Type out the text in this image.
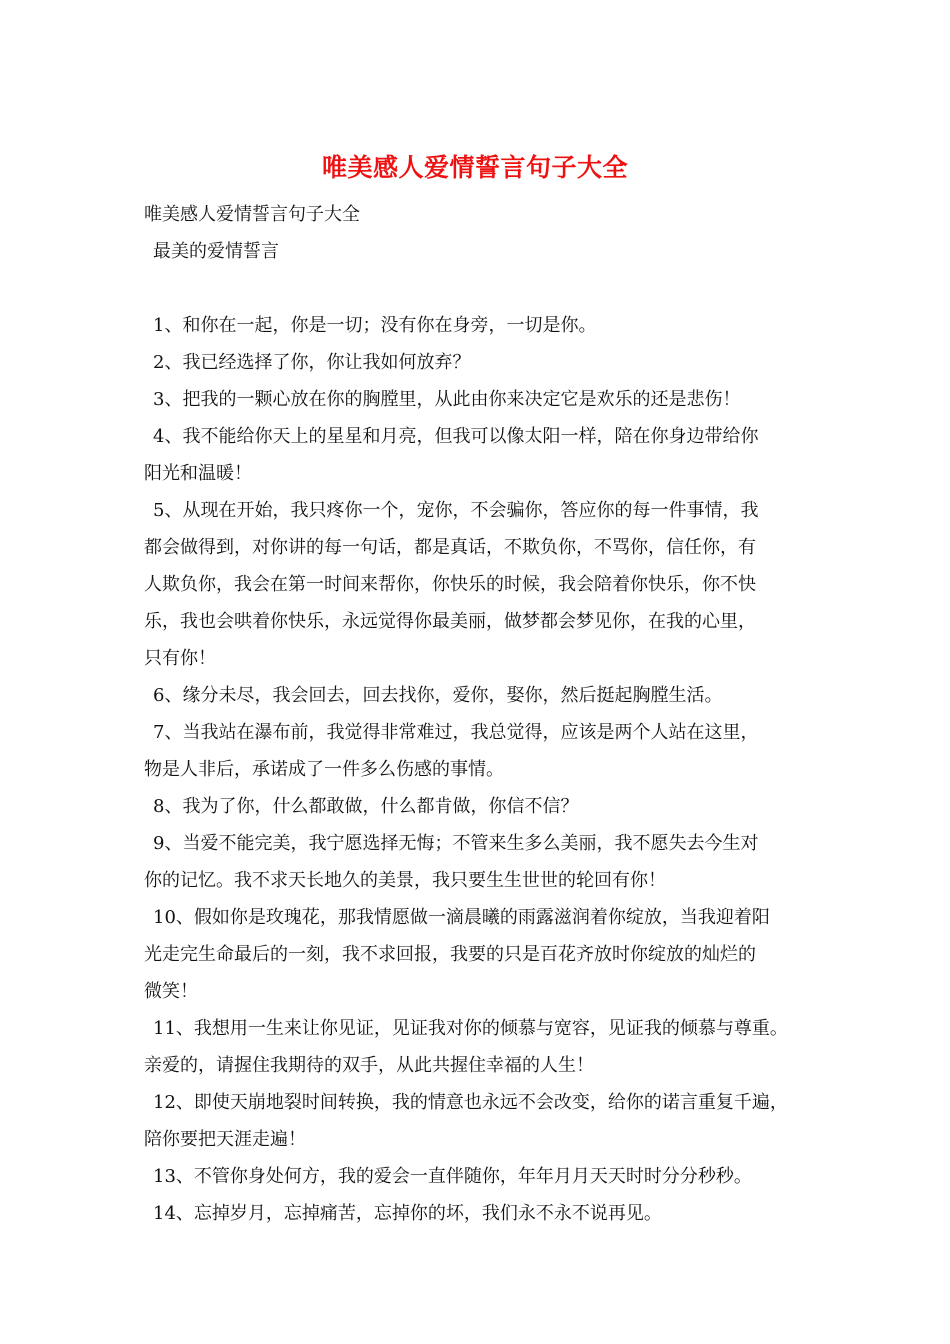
唯美感人爱情誓言句子大全
唯美感人爱情誓言句子大全
最美的爱情誓言
1、和你在一起，你是一切；没有你在身旁，一切是你。
2、我已经选择了你，你让我如何放弃？
3、把我的一颗心放在你的胸膛里，从此由你来决定它是欢乐的还是悲伤！
4、我不能给你天上的星星和月亮，但我可以像太阳一样，陪在你身边带给你
阳光和温暖！
5、从现在开始，我只疼你一个，宠你，不会骗你，答应你的每一件事情，我
都会做得到，对你讲的每一句话，都是真话，不欺负你，不骂你，信任你，有
人欺负你，我会在第一时间来帮你，你快乐的时候，我会陪着你快乐，你不快
乐，我也会哄着你快乐，永远觉得你最美丽，做梦都会梦见你，在我的心里，
只有你！
6、缘分未尽，我会回去，回去找你，爱你，娶你，然后挺起胸膛生活。
7、当我站在瀑布前，我觉得非常难过，我总觉得，应该是两个人站在这里，
物是人非后，承诺成了一件多么伤感的事情。
8、我为了你，什么都敢做，什么都肯做，你信不信？
9、当爱不能完美，我宁愿选择无悔；不管来生多么美丽，我不愿失去今生对
你的记忆。我不求天长地久的美景，我只要生生世世的轮回有你！
10、假如你是玫瑰花，那我情愿做一滴晨曦的雨露滋润着你绽放，当我迎着阳
光走完生命最后的一刻，我不求回报，我要的只是百花齐放时你绽放的灿烂的
微笑！
11、我想用一生来让你见证，见证我对你的倾慕与宽容，见证我的倾慕与尊重。
亲爱的，请握住我期待的双手，从此共握住幸福的人生！
12、即使天崩地裂时间转换，我的情意也永远不会改变，给你的诺言重复千遍，
陪你要把天涯走遍！
13、不管你身处何方，我的爱会一直伴随你，年年月月天天时时分分秒秒。
14、忘掉岁月，忘掉痛苦，忘掉你的坏，我们永不永不说再见。
